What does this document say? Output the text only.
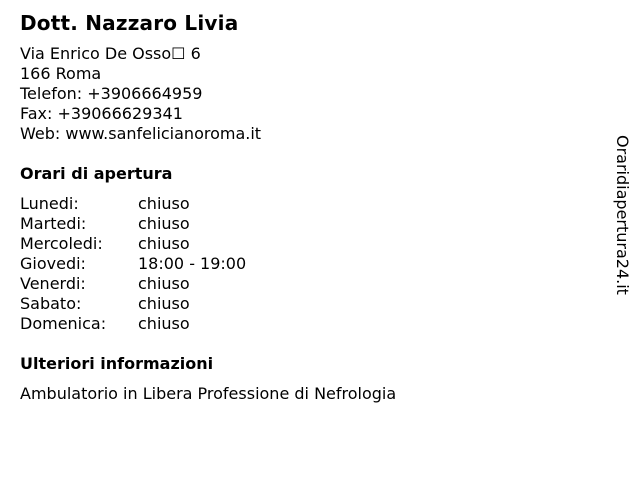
Dott. Nazzaro Livia
Via Enrico De Osso☐ 6
166 Roma
Telefon: +3906664959
Fax: +39066629341
Web: www.sanfelicianoroma.it
Orari di apertura
Lunedi:	chiuso
Martedi:	chiuso
Mercoledi:	chiuso
Giovedi:	18:00 - 19:00
Venerdi:	chiuso
Sabato:	chiuso
Domenica:	chiuso
Ulteriori informazioni
Ambulatorio in Libera Professione di Nefrologia
Oraridiapertura24.it
